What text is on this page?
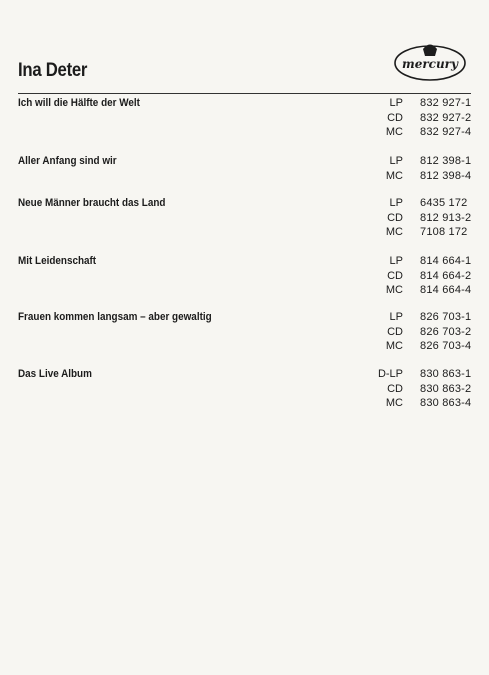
Ina Deter	mercury
Ich will die Hälfte der Welt	LP 832 927-1
CD 832 927-2
MC 832 927-4
Aller Anfang sind wir	LP 812 398-1
MC 812 398-4
Neue Männer braucht das Land	LP 6435 172
CD 812 913-2
MC 7108 172
Mit Leidenschaft	LP 814 664-1
CD 814 664-2
MC 814 664-4
Frauen kommen langsam – aber gewaltig	LP 826 703-1
CD 826 703-2
MC 826 703-4
Das Live Album	D-LP 830 863-1
CD 830 863-2
MC 830 863-4
